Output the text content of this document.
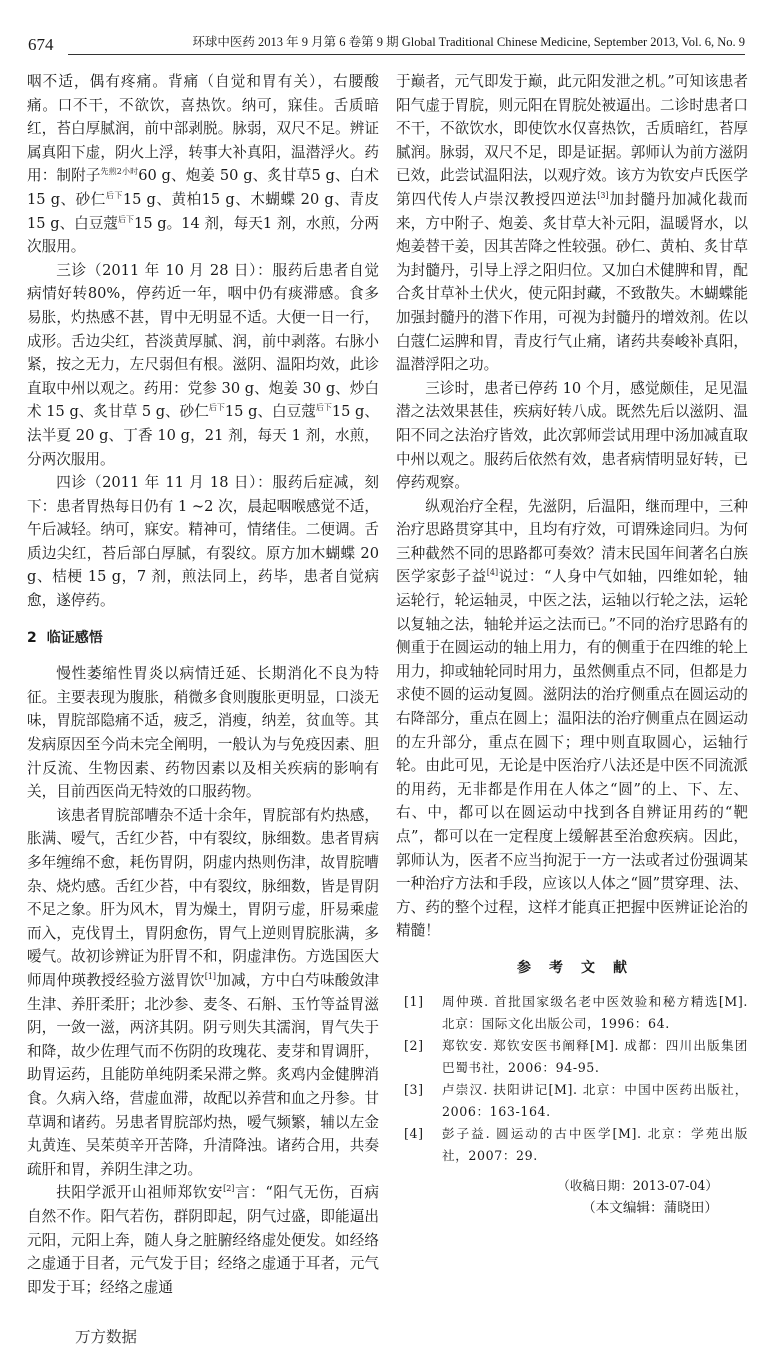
674	环球中医药 2013 年 9 月第 6 卷第 9 期 Global Traditional Chinese Medicine, September 2013, Vol. 6, No. 9

咽不适，偶有疼痛。背痛（自觉和胃有关），右腰酸痛。口不干，不欲饮，喜热饮。纳可，寐佳。舌质暗红，苔白厚腻润，前中部剥脱。脉弱，双尺不足。辨证属真阳下虚，阴火上浮，转事大补真阳，温潜浮火。药用：制附子$^{先煎2小时}$60 g、炮姜 50 g、炙甘草5 g、白术15 g、砂仁$^{后下}$15 g、黄柏15 g、木蝴蝶 20 g、青皮15 g、白豆蔻$^{后下}$15 g。14 剂，每天1 剂，水煎，分两次服用。

三诊（2011 年 10 月 28 日）：服药后患者自觉病情好转80%，停药近一年，咽中仍有痰滞感。食多易胀，灼热感不甚，胃中无明显不适。大便一日一行，成形。舌边尖红，苔淡黄厚腻、润，前中剥落。右脉小紧，按之无力，左尺弱但有根。滋阴、温阳均效，此诊直取中州以观之。药用：党参 30 g、炮姜 30 g、炒白术 15 g、炙甘草 5 g、砂仁$^{后下}$15 g、白豆蔻$^{后下}$15 g、法半夏 20 g、丁香 10 g，21 剂，每天 1 剂，水煎，分两次服用。

四诊（2011 年 11 月 18 日）：服药后症减，刻下：患者胃热每日仍有 1 ~2 次，晨起咽喉感觉不适，午后减轻。纳可，寐安。精神可，情绪佳。二便调。舌质边尖红，苔后部白厚腻，有裂纹。原方加木蝴蝶 20 g、桔梗 15 g，7 剂，煎法同上，药毕，患者自觉病愈，遂停药。

2 临证感悟

慢性萎缩性胃炎以病情迁延、长期消化不良为特征。主要表现为腹胀，稍微多食则腹胀更明显，口淡无味，胃脘部隐痛不适，疲乏，消瘦，纳差，贫血等。其发病原因至今尚未完全阐明，一般认为与免疫因素、胆汁反流、生物因素、药物因素以及相关疾病的影响有关，目前西医尚无特效的口服药物。

该患者胃脘部嘈杂不适十余年，胃脘部有灼热感，胀满、嗳气，舌红少苔，中有裂纹，脉细数。患者胃病多年缠绵不愈，耗伤胃阴，阴虚内热则伤津，故胃脘嘈杂、烧灼感。舌红少苔，中有裂纹，脉细数，皆是胃阴不足之象。肝为风木，胃为燥土，胃阴亏虚，肝易乘虚而入，克伐胃土，胃阴愈伤，胃气上逆则胃脘胀满，多嗳气。故初诊辨证为肝胃不和，阴虚津伤。方选国医大师周仲瑛教授经验方滋胃饮[1]加减，方中白芍味酸敛津生津、养肝柔肝；北沙参、麦冬、石斛、玉竹等益胃滋阴，一敛一滋，两济其阴。阴亏则失其濡润，胃气失于和降，故少佐理气而不伤阴的玫瑰花、麦芽和胃调肝，助胃运药，且能防单纯阴柔呆滞之弊。炙鸡内金健脾消食。久病入络，营虚血滞，故配以养营和血之丹参。甘草调和诸药。另患者胃脘部灼热，嗳气频繁，辅以左金丸黄连、吴茱萸辛开苦降，升清降浊。诸药合用，共奏疏肝和胃，养阴生津之功。

扶阳学派开山祖师郑钦安[2]言：“阳气无伤，百病自然不作。阳气若伤，群阴即起，阴气过盛，即能逼出元阳，元阳上奔，随人身之脏腑经络虚处便发。如经络之虚通于目者，元气发于目；经络之虚通于耳者，元气即发于耳；经络之虚通

万方数据

于巅者，元气即发于巅，此元阳发泄之机。”可知该患者阳气虚于胃脘，则元阳在胃脘处被逼出。二诊时患者口不干，不欲饮水，即使饮水仅喜热饮，舌质暗红，苔厚腻润。脉弱，双尺不足，即是证据。郭师认为前方滋阴已效，此尝试温阳法，以观疗效。该方为钦安卢氏医学第四代传人卢崇汉教授四逆法[3]加封髓丹加减化裁而来，方中附子、炮姜、炙甘草大补元阳，温暖肾水，以炮姜替干姜，因其苦降之性较强。砂仁、黄柏、炙甘草为封髓丹，引导上浮之阳归位。又加白术健脾和胃，配合炙甘草补土伏火，使元阳封藏，不致散失。木蝴蝶能加强封髓丹的潜下作用，可视为封髓丹的增效剂。佐以白蔻仁运脾和胃，青皮行气止痛，诸药共奏峻补真阳，温潜浮阳之功。

三诊时，患者已停药 10 个月，感觉颇佳，足见温潜之法效果甚佳，疾病好转八成。既然先后以滋阴、温阳不同之法治疗皆效，此次郭师尝试用理中汤加减直取中州以观之。服药后依然有效，患者病情明显好转，已停药观察。

纵观治疗全程，先滋阴，后温阳，继而理中，三种治疗思路贯穿其中，且均有疗效，可谓殊途同归。为何三种截然不同的思路都可奏效？清末民国年间著名白族医学家彭子益[4]说过：“人身中气如轴，四维如轮，轴运轮行，轮运轴灵，中医之法，运轴以行轮之法，运轮以复轴之法，轴轮并运之法而已。”不同的治疗思路有的侧重于在圆运动的轴上用力，有的侧重于在四维的轮上用力，抑或轴轮同时用力，虽然侧重点不同，但都是力求使不圆的运动复圆。滋阴法的治疗侧重点在圆运动的右降部分，重点在圆上；温阳法的治疗侧重点在圆运动的左升部分，重点在圆下；理中则直取圆心，运轴行轮。由此可见，无论是中医治疗八法还是中医不同流派的用药，无非都是作用在人体之“圆”的上、下、左、右、中，都可以在圆运动中找到各自辨证用药的“靶点”，都可以在一定程度上缓解甚至治愈疾病。因此，郭师认为，医者不应当拘泥于一方一法或者过份强调某一种治疗方法和手段，应该以人体之“圆”贯穿理、法、方、药的整个过程，这样才能真正把握中医辨证论治的精髓！

参考文献
[1]	周仲瑛. 首批国家级名老中医效验和秘方精选[M]. 北京：国际文化出版公司，1996：64.
[2]	郑钦安. 郑钦安医书阐释[M]. 成都：四川出版集团巴蜀书社，2006：94-95.
[3]	卢崇汉. 扶阳讲记[M]. 北京：中国中医药出版社，2006：163-164.
[4]	彭子益. 圆运动的古中医学[M]. 北京：学苑出版社，2007：29.
（收稿日期：2013-07-04）
（本文编辑：蒲晓田）
